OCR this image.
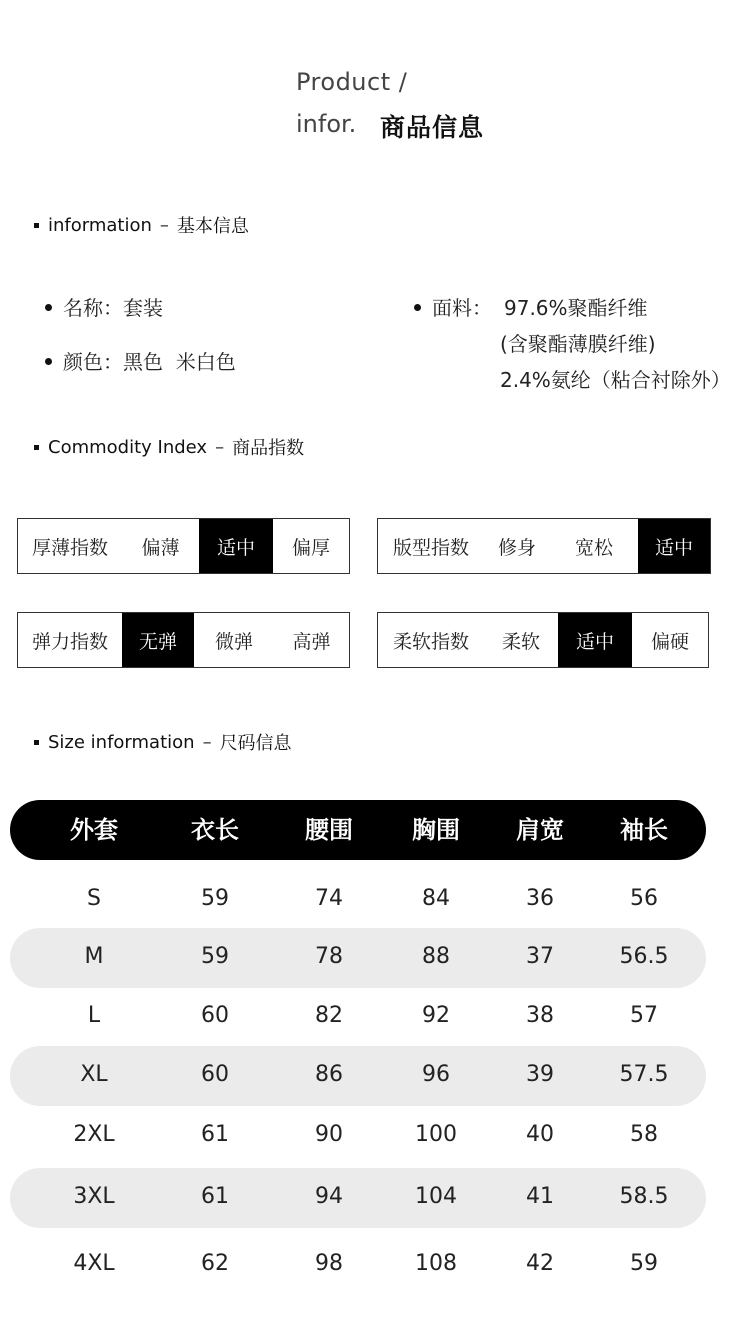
Product /
infor. 商品信息
information – 基本信息
名称：套装
颜色：黑色  米白色
面料： 97.6%聚酯纤维
(含聚酯薄膜纤维)
2.4%氨纶（粘合衬除外）
Commodity Index – 商品指数
厚薄指数	偏薄	适中	偏厚	版型指数	修身	宽松	适中
弹力指数	无弹	微弹	高弹	柔软指数	柔软	适中	偏硬
Size information – 尺码信息
外套	衣长	腰围	胸围	肩宽	袖长
S	59	74	84	36	56
M	59	78	88	37	56.5
L	60	82	92	38	57
XL	60	86	96	39	57.5
2XL	61	90	100	40	58
3XL	61	94	104	41	58.5
4XL	62	98	108	42	59
